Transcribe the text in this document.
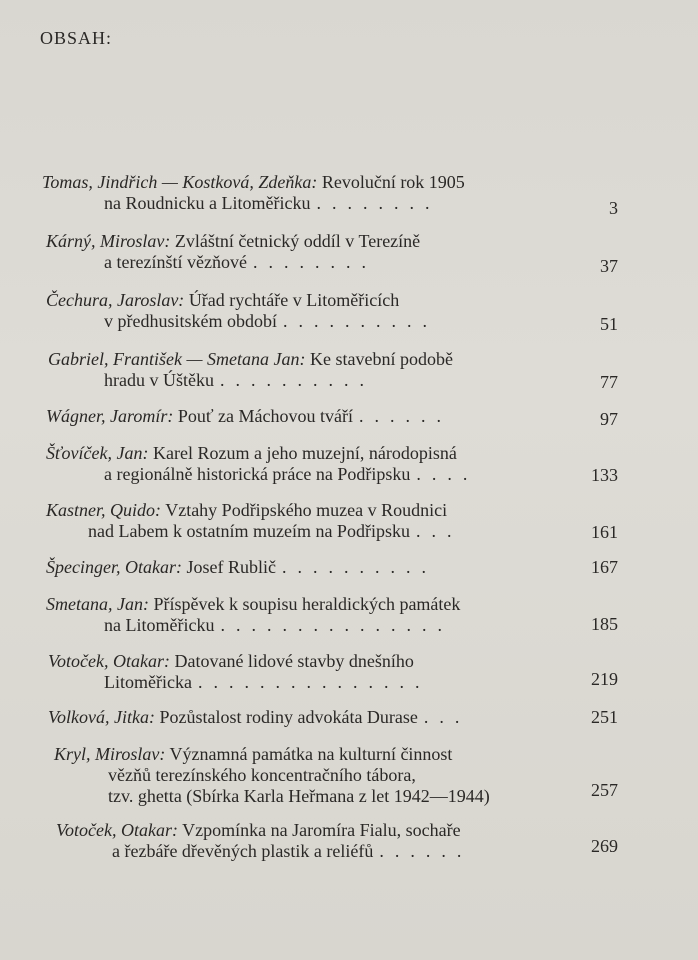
OBSAH:
Tomas, Jindřich — Kostková, Zdeňka: Revoluční rok 1905
na Roudnicku a Litoměřicku ........	3
Kárný, Miroslav: Zvláštní četnický oddíl v Terezíně
a terezínští vězňové ........	37
Čechura, Jaroslav: Úřad rychtáře v Litoměřicích
v předhusitském období ..........	51
Gabriel, František — Smetana Jan: Ke stavební podobě
hradu v Úštěku ..........	77
Wágner, Jaromír: Pouť za Máchovou tváří ......	97
Šťovíček, Jan: Karel Rozum a jeho muzejní, národopisná
a regionálně historická práce na Podřipsku ....	133
Kastner, Quido: Vztahy Podřipského muzea v Roudnici
nad Labem k ostatním muzeím na Podřipsku ...	161
Špecinger, Otakar: Josef Rublič ..........	167
Smetana, Jan: Příspěvek k soupisu heraldických památek
na Litoměřicku ...............	185
Votoček, Otakar: Datované lidové stavby dnešního
Litoměřicka ...............	219
Volková, Jitka: Pozůstalost rodiny advokáta Durase ...	251
Kryl, Miroslav: Významná památka na kulturní činnost
vězňů terezínského koncentračního tábora,
tzv. ghetta (Sbírka Karla Heřmana z let 1942—1944)	257
Votoček, Otakar: Vzpomínka na Jaromíra Fialu, sochaře
a řezbáře dřevěných plastik a reliéfů ......	269
